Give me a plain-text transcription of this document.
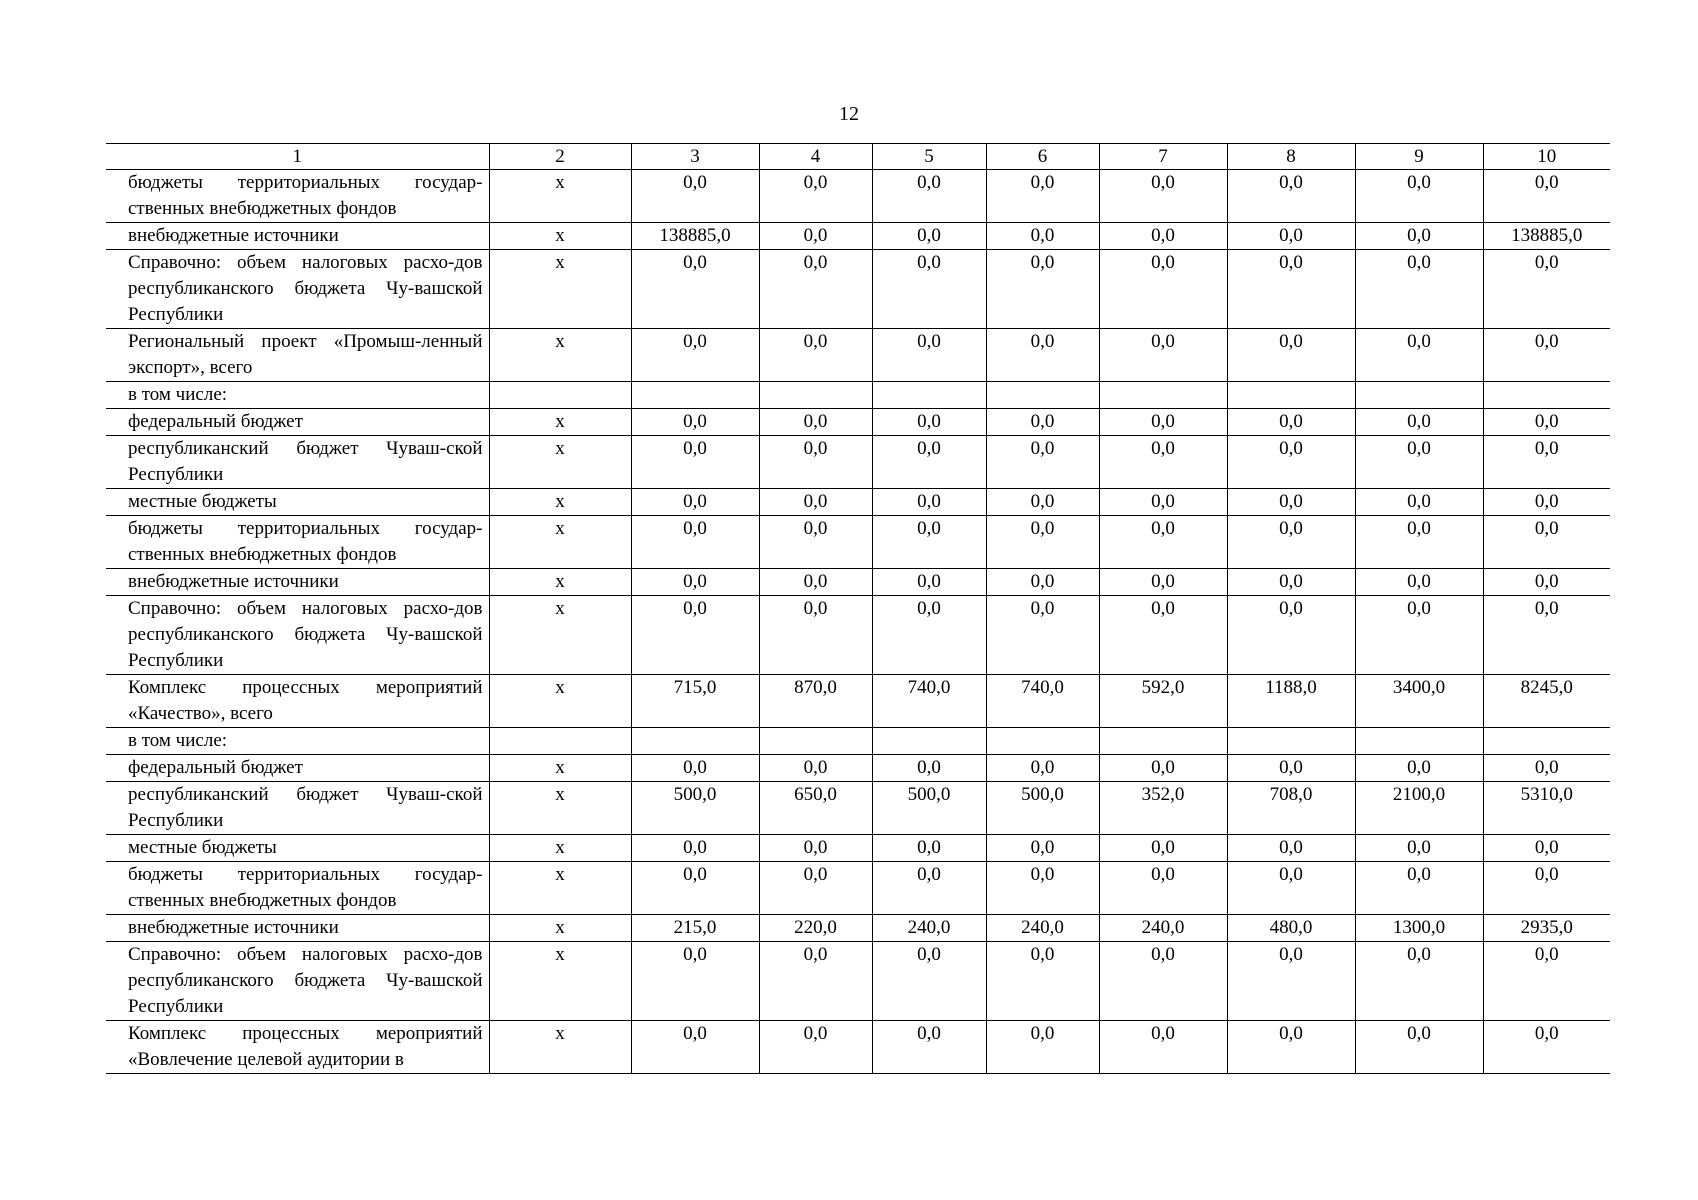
12
1	2	3	4	5	6	7	8	9	10
бюджеты территориальных государ-ственных внебюджетных фондов	х	0,0	0,0	0,0	0,0	0,0	0,0	0,0	0,0
внебюджетные источники	х	138885,0	0,0	0,0	0,0	0,0	0,0	0,0	138885,0
Справочно: объем налоговых расхо-дов республиканского бюджета Чу-вашской Республики	х	0,0	0,0	0,0	0,0	0,0	0,0	0,0	0,0
Региональный проект «Промыш-ленный экспорт», всего	х	0,0	0,0	0,0	0,0	0,0	0,0	0,0	0,0
в том числе:									
федеральный бюджет	х	0,0	0,0	0,0	0,0	0,0	0,0	0,0	0,0
республиканский бюджет Чуваш-ской Республики	х	0,0	0,0	0,0	0,0	0,0	0,0	0,0	0,0
местные бюджеты	х	0,0	0,0	0,0	0,0	0,0	0,0	0,0	0,0
бюджеты территориальных государ-ственных внебюджетных фондов	х	0,0	0,0	0,0	0,0	0,0	0,0	0,0	0,0
внебюджетные источники	х	0,0	0,0	0,0	0,0	0,0	0,0	0,0	0,0
Справочно: объем налоговых расхо-дов республиканского бюджета Чу-вашской Республики	х	0,0	0,0	0,0	0,0	0,0	0,0	0,0	0,0
Комплекс процессных мероприятий «Качество», всего	х	715,0	870,0	740,0	740,0	592,0	1188,0	3400,0	8245,0
в том числе:									
федеральный бюджет	х	0,0	0,0	0,0	0,0	0,0	0,0	0,0	0,0
республиканский бюджет Чуваш-ской Республики	х	500,0	650,0	500,0	500,0	352,0	708,0	2100,0	5310,0
местные бюджеты	х	0,0	0,0	0,0	0,0	0,0	0,0	0,0	0,0
бюджеты территориальных государ-ственных внебюджетных фондов	х	0,0	0,0	0,0	0,0	0,0	0,0	0,0	0,0
внебюджетные источники	х	215,0	220,0	240,0	240,0	240,0	480,0	1300,0	2935,0
Справочно: объем налоговых расхо-дов республиканского бюджета Чу-вашской Республики	х	0,0	0,0	0,0	0,0	0,0	0,0	0,0	0,0
Комплекс процессных мероприятий «Вовлечение целевой аудитории в	х	0,0	0,0	0,0	0,0	0,0	0,0	0,0	0,0
